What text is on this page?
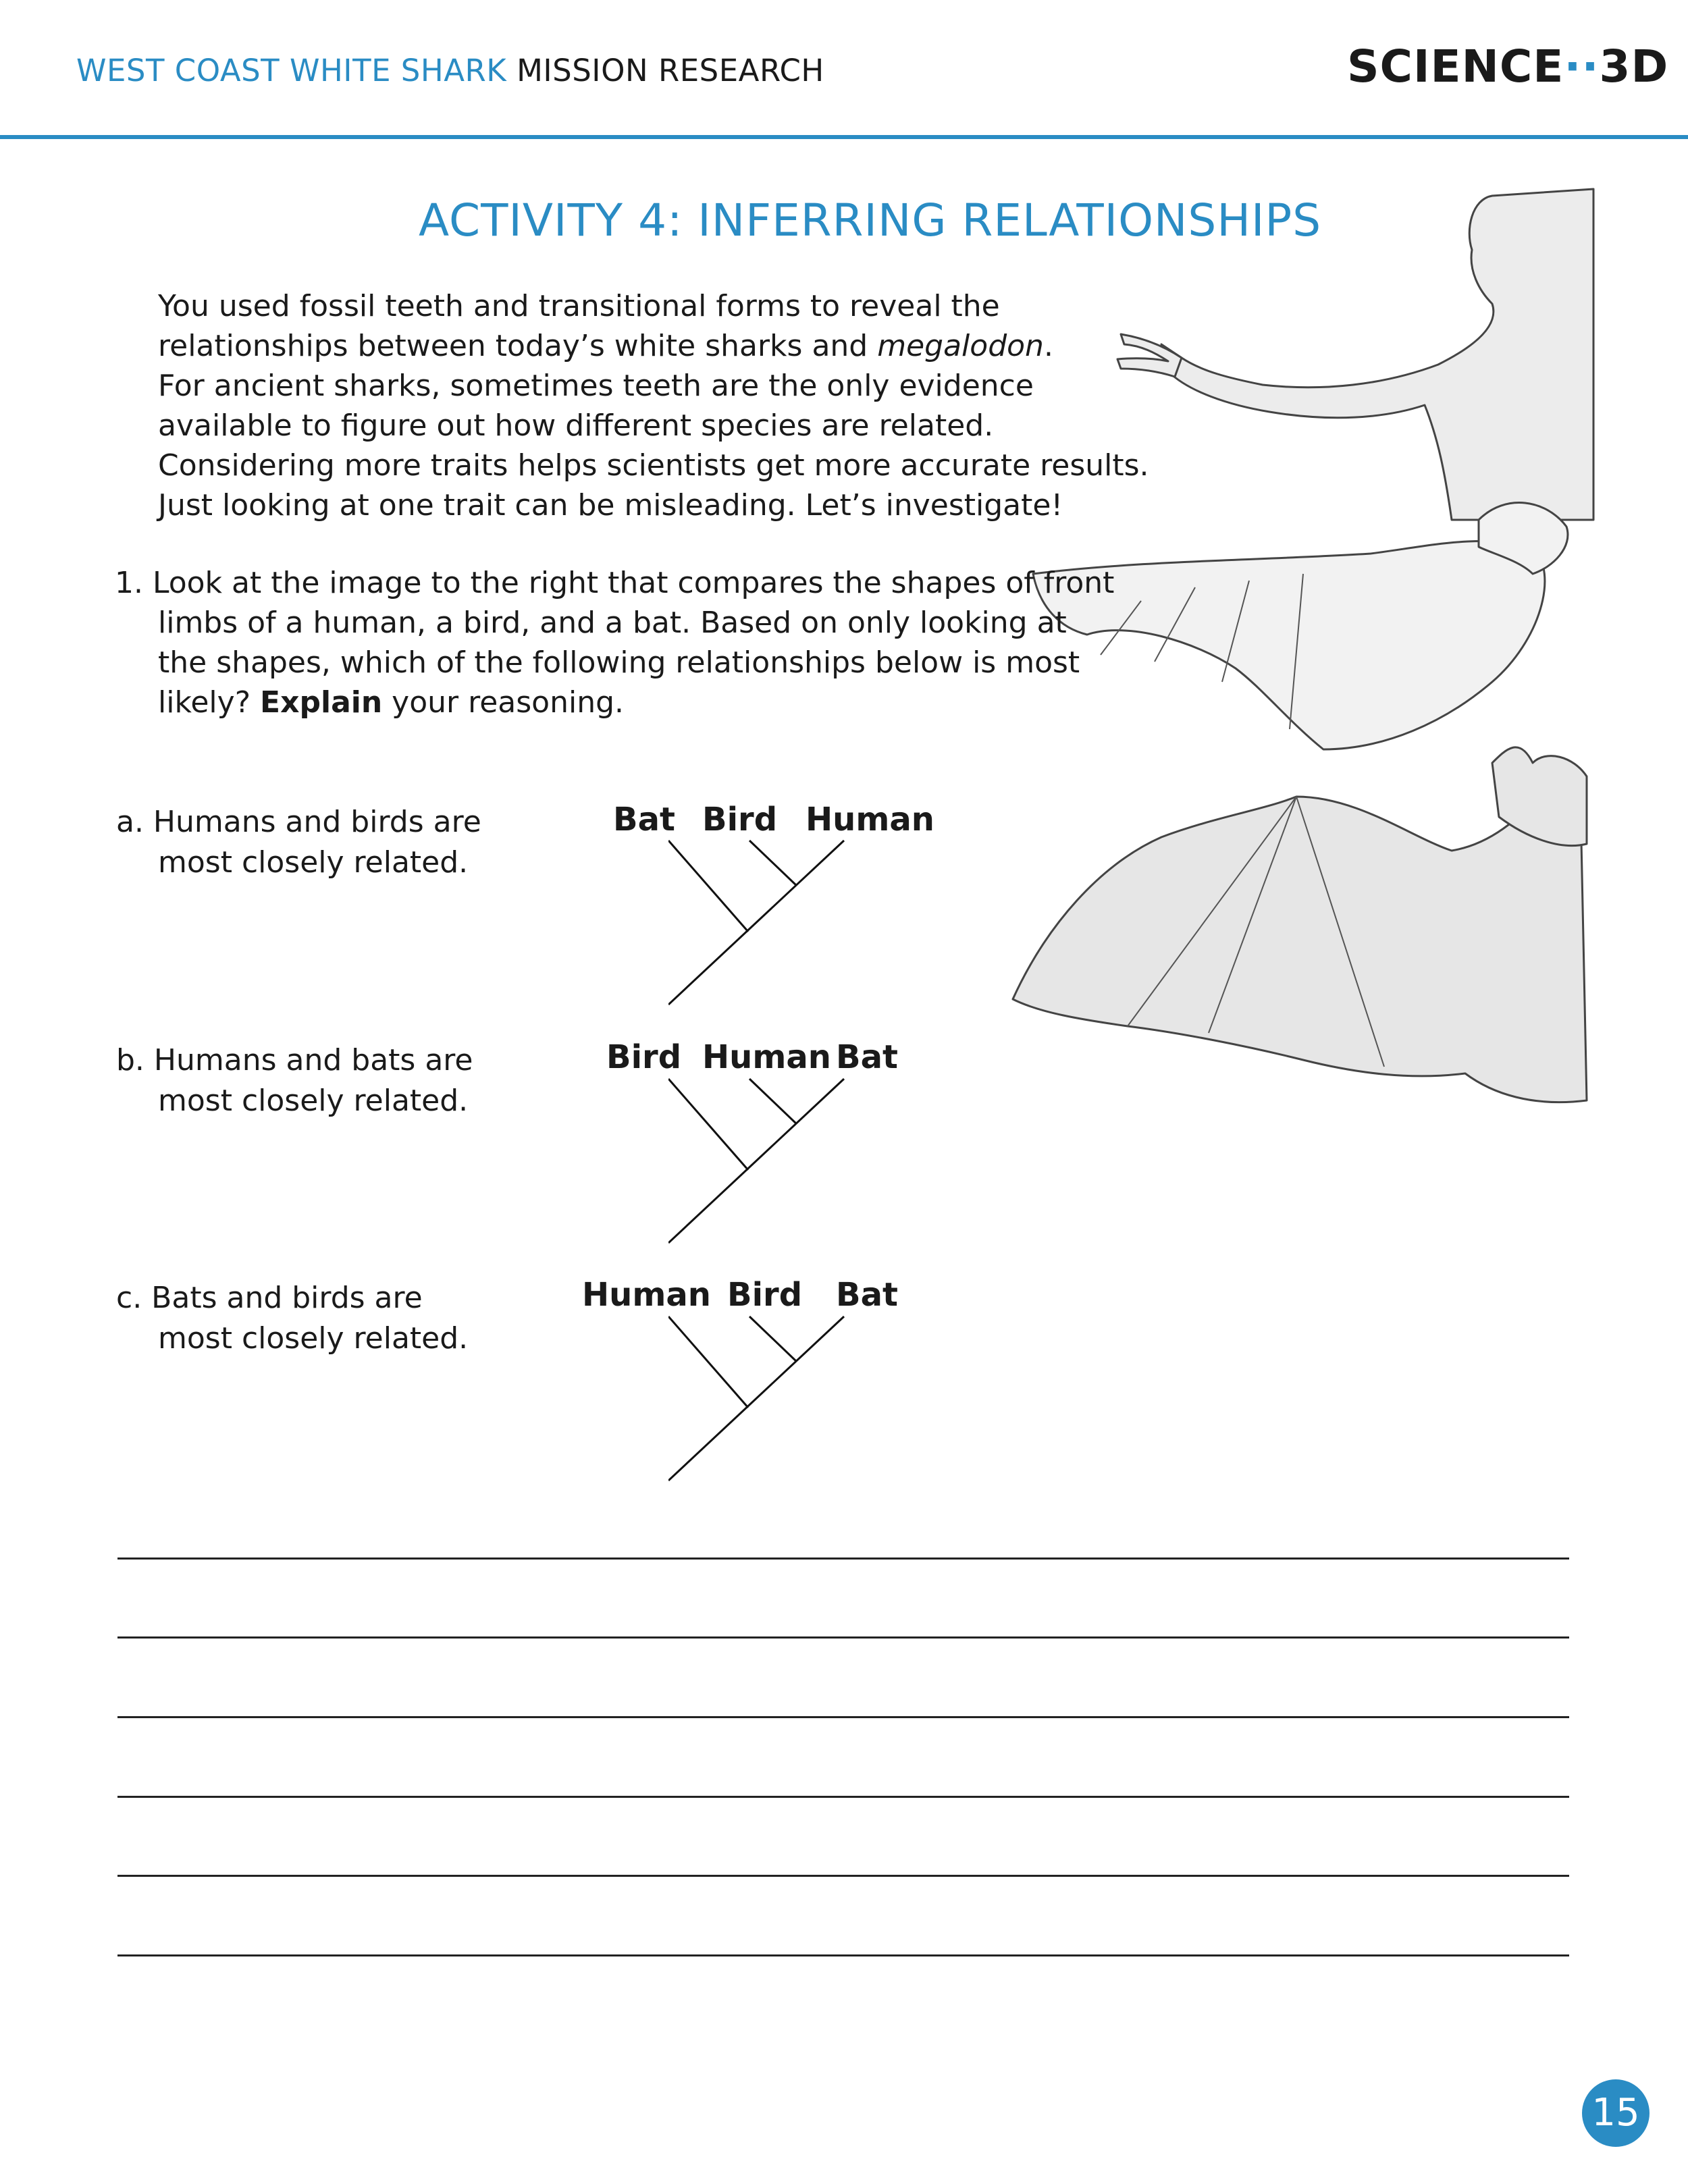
WEST COAST WHITE SHARK MISSION RESEARCH	SCIENCE··3D
ACTIVITY 4: INFERRING RELATIONSHIPS
You used fossil teeth and transitional forms to reveal the
relationships between today’s white sharks and megalodon.
For ancient sharks, sometimes teeth are the only evidence
available to figure out how different species are related.
Considering more traits helps scientists get more accurate results.
Just looking at one trait can be misleading. Let’s investigate!
1. Look at the image to the right that compares the shapes of front
limbs of a human, a bird, and a bat. Based on only looking at
the shapes, which of the following relationships below is most
likely? Explain your reasoning.
a. Humans and birds are
most closely related.
Bat Bird Human
b. Humans and bats are
most closely related.
Bird Human Bat
c. Bats and birds are
most closely related.
Human Bird Bat
15
